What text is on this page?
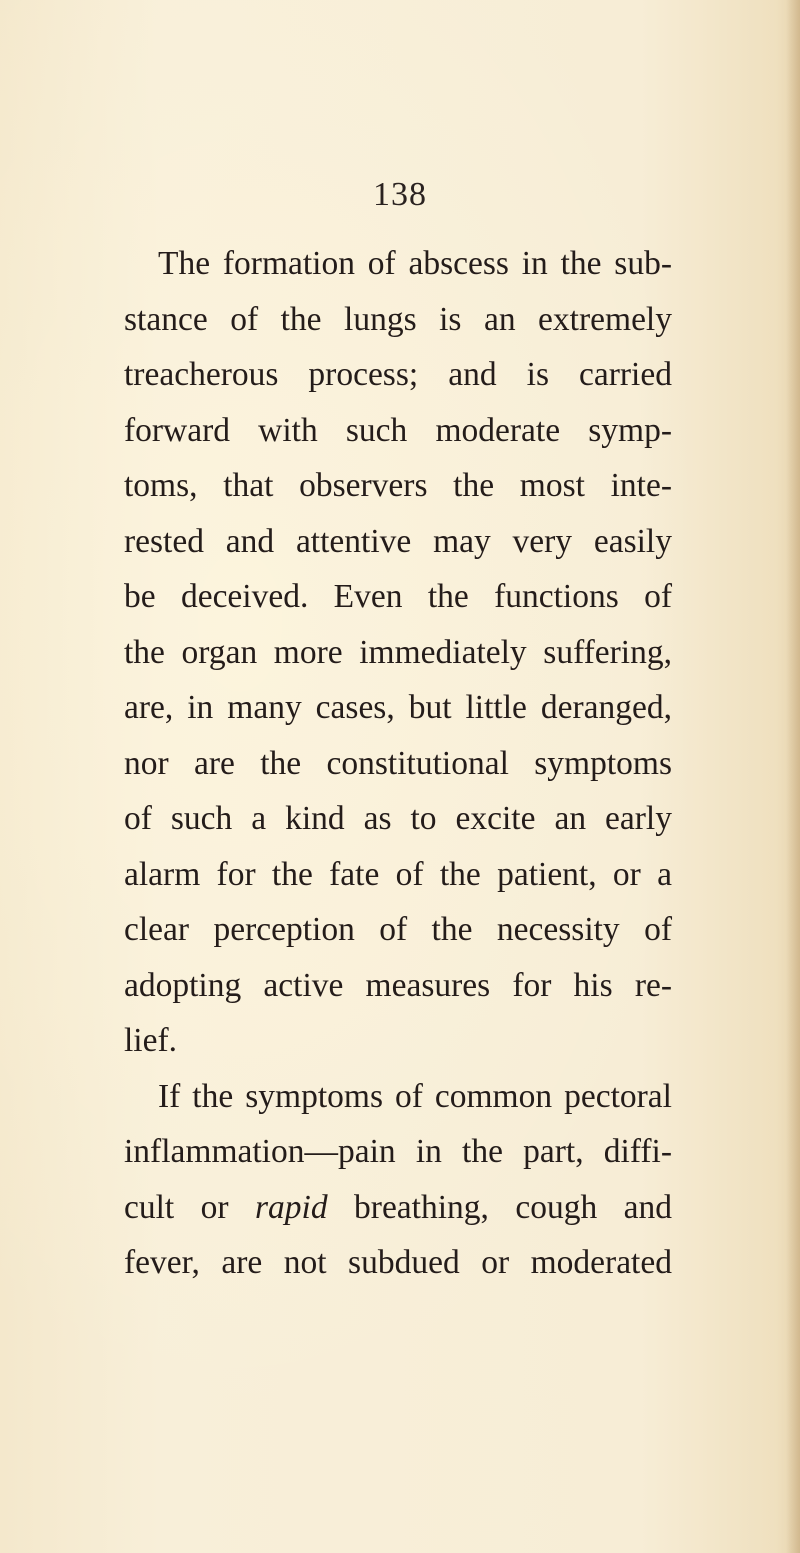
138
The formation of abscess in the sub-
stance of the lungs is an extremely
treacherous process; and is carried
forward with such moderate symp-
toms, that observers the most inte-
rested and attentive may very easily
be deceived. Even the functions of
the organ more immediately suffering,
are, in many cases, but little deranged,
nor are the constitutional symptoms
of such a kind as to excite an early
alarm for the fate of the patient, or a
clear perception of the necessity of
adopting active measures for his re-
lief.
If the symptoms of common pectoral
inflammation—pain in the part, diffi-
cult or rapid breathing, cough and
fever, are not subdued or moderated
